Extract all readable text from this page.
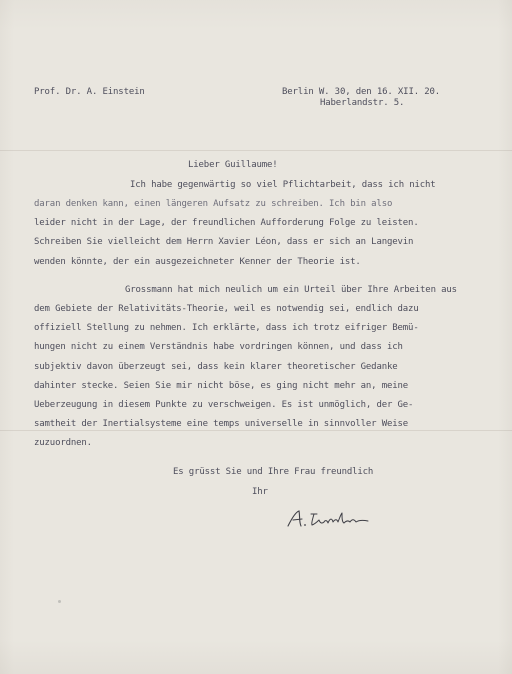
Prof. Dr. A. Einstein	Berlin W. 30, den 16. XII. 20.
Haberlandstr. 5.
Lieber Guillaume!
Ich habe gegenwärtig so viel Pflichtarbeit, dass ich nicht
daran denken kann, einen längeren Aufsatz zu schreiben. Ich bin also
leider nicht in der Lage, der freundlichen Aufforderung Folge zu leisten.
Schreiben Sie vielleicht dem Herrn Xavier Léon, dass er sich an Langevin
wenden könnte, der ein ausgezeichneter Kenner der Theorie ist.
Grossmann hat mich neulich um ein Urteil über Ihre Arbeiten aus
dem Gebiete der Relativitäts-Theorie, weil es notwendig sei, endlich dazu
offiziell Stellung zu nehmen. Ich erklärte, dass ich trotz eifriger Bemü-
hungen nicht zu einem Verständnis habe vordringen können, und dass ich
subjektiv davon überzeugt sei, dass kein klarer theoretischer Gedanke
dahinter stecke. Seien Sie mir nicht böse, es ging nicht mehr an, meine
Ueberzeugung in diesem Punkte zu verschweigen. Es ist unmöglich, der Ge-
samtheit der Inertialsysteme eine temps universelle in sinnvoller Weise
zuzuordnen.
Es grüsst Sie und Ihre Frau freundlich
Ihr
